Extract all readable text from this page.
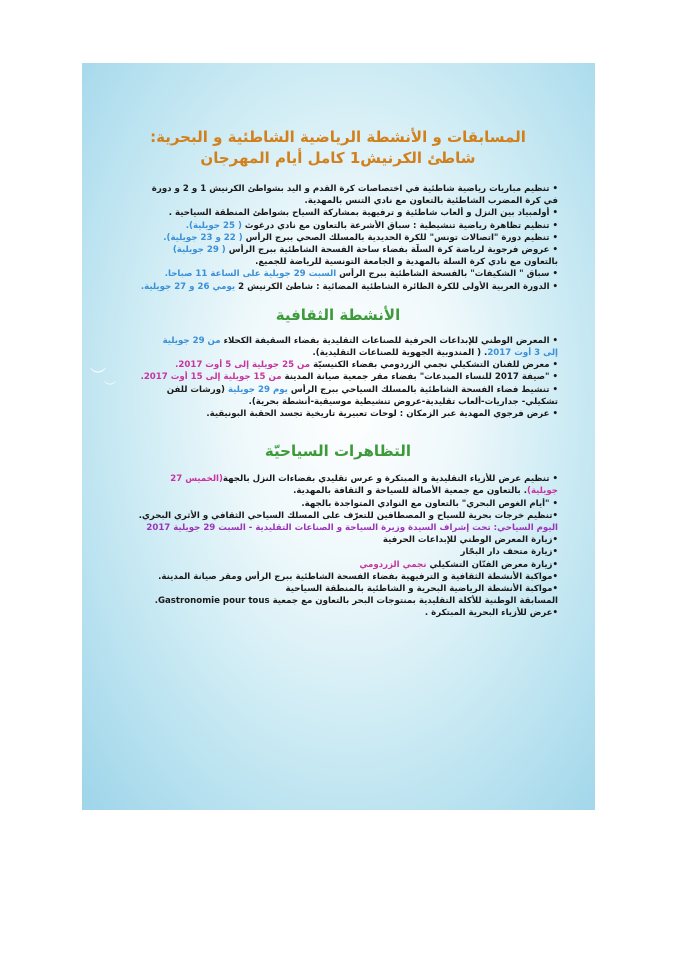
︶
︶
المسابقات و الأنشطة الرياضية الشاطئية و البحرية:
شاطئ الكرنيش1 كامل أيام المهرجان
• تنظيم مباريات رياضية شاطئية في اختصاصات كرة القدم و اليد بشواطئ الكرنيش 1 و 2 و دورة
في كرة المضرب الشاطئية بالتعاون مع نادي التنس بالمهدية.
• أولمبياد بين النزل و ألعاب شاطئية و ترفيهية بمشاركة السياح بشواطئ المنطقة السياحية .
• تنظيم تظاهرة رياضية تنشيطية : سباق الأشرعة بالتعاون مع نادي درغوث ( 25 جويلية).
• تنظيم دورة "اتصالات تونس" للكرة الحديدية بالمسلك الصحي ببرج الرأس ( 22 و 23 جويلية).
• عروض فرجوية لرياضة كرة السلّة بفضاء ساحة الفسحة الشاطئية ببرج الرأس ( 29 جويلية)
بالتعاون مع نادي كرة السلة بالمهدية و الجامعة التونسية للرياضة للجميع.
• سباق " الشكيفات" بالفسحة الشاطئية ببرج الرأس السبت 29 جويلية على الساعة 11 صباحا.
• الدورة العربية الأولى للكرة الطائرة الشاطئية المضائية : شاطئ الكرنيش 2 يومي 26 و 27 جويلية.
الأنشطة الثقافية
• المعرض الوطني للإبداعات الحرفية للصناعات التقليدية بفضاء السقيفة الكحلاء من 29 جويلية
إلى 3 أوت 2017. ( المندوبية الجهوية للصناعات التقليدية).
• معرض للفنان التشكيلي نجمي الزردومي بفضاء الكنيسيّة من 25 جويلية إلى 5 أوت 2017.
• "صيفة 2017 للنساء المبدعات" بفضاء مقر جمعية صيانة المدينة من 15 جويلية إلى 15 أوت 2017.
• تنشيط فضاء الفسحة الشاطئية بالمسلك السياحي ببرج الرأس يوم 29 جويلية (ورشات للفن
تشكيلي- جداريات-ألعاب تقليدية-عروض تنشيطية موسيقية-أنشطة بحرية).
• عرض فرجوي المهدية عبر الزمكان : لوحات تعبيرية تاريخية تجسد الحقبة البونيقية.
التظاهرات السياحيّة
• تنظيم عرض للأزياء التقليدية و المبتكرة و عرس تقليدي بفضاءات النزل بالجهة(الخميس 27
جويلية). بالتعاون مع جمعية الأصالة للسياحة و الثقافة بالمهدية.
• "أيام الغوص البحري" بالتعاون مع النوادي المتواجدة بالجهة.
•تنظيم خرجات بحرية للسياح و المصطافين للتعرّف على المسلك السياحي الثقافي و الأثري البحري.
اليوم السياحي: تحت إشراف السيدة وزيرة السياحة و الصناعات التقليدية - السبت 29 جويلية 2017
•زيارة المعرض الوطني للإبداعات الحرفية
•زيارة متحف دار البحّار
•زيارة معرض الفنّان التشكيلي نجمي الزردومي
•مواكبة الأنشطة الثقافية و الترفيهية بفضاء الفسحة الشاطئية ببرج الرأس ومقر صيانة المدينة.
•مواكبة الأنشطة الرياضية البحرية و الشاطئية بالمنطقة السياحية
المسابقة الوطنية للأكلة التقليدية بمنتوجات البحر بالتعاون مع جمعية Gastronomie pour tous.
•عرض للأزياء البحرية المبتكرة .
